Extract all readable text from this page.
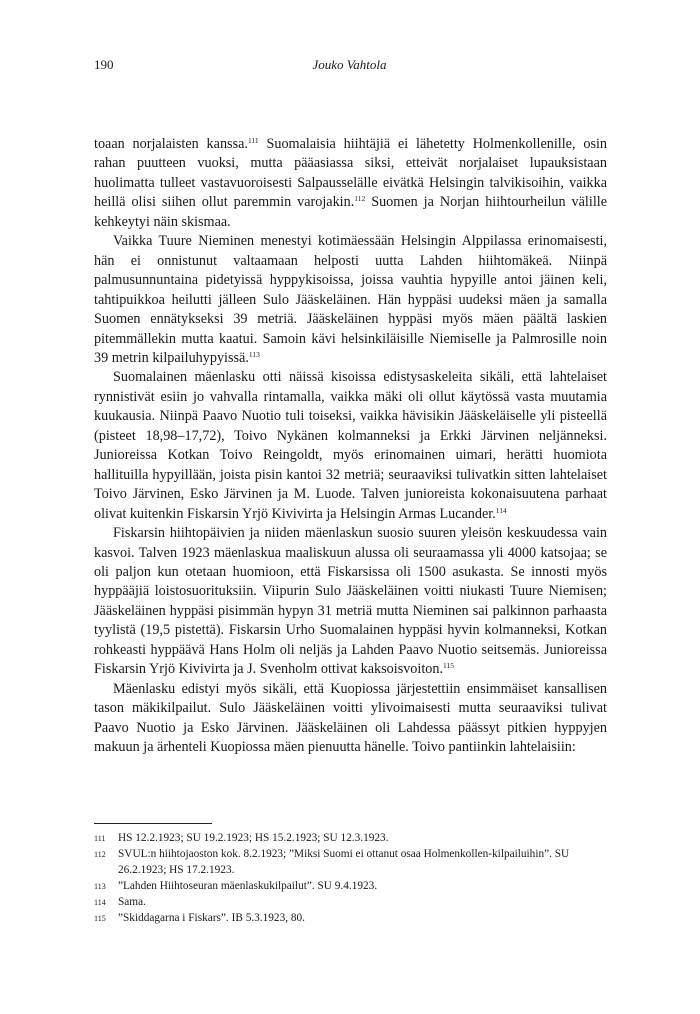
190	Jouko Vahtola

toaan norjalaisten kanssa.$^{111}$ Suomalaisia hiihtäjiä ei lähetetty Holmenkollenille, osin rahan puutteen vuoksi, mutta pääasiassa siksi, etteivät norjalaiset lupauksistaan huolimatta tulleet vastavuoroisesti Salpausselälle eivätkä Helsingin talvikisoihin, vaikka heillä olisi siihen ollut paremmin varojakin.$^{112}$ Suomen ja Norjan hiihtourheilun välille kehkeytyi näin skismaa.

Vaikka Tuure Nieminen menestyi kotimäessään Helsingin Alppilassa erinomaisesti, hän ei onnistunut valtaamaan helposti uutta Lahden hiihtomäkeä. Niinpä palmusunnuntaina pidetyissä hyppykisoissa, joissa vauhtia hypyille antoi jäinen keli, tahtipuikkoa heilutti jälleen Sulo Jääskeläinen. Hän hyppäsi uudeksi mäen ja samalla Suomen ennätykseksi 39 metriä. Jääskeläinen hyppäsi myös mäen päältä laskien pitemmällekin mutta kaatui. Samoin kävi helsinkiläisille Niemiselle ja Palmrosille noin 39 metrin kilpailuhypyissä.$^{113}$

Suomalainen mäenlasku otti näissä kisoissa edistysaskeleita sikäli, että lahtelaiset rynnistivät esiin jo vahvalla rintamalla, vaikka mäki oli ollut käytössä vasta muutamia kuukausia. Niinpä Paavo Nuotio tuli toiseksi, vaikka hävisikin Jääskeläiselle yli pisteellä (pisteet 18,98–17,72), Toivo Nykänen kolmanneksi ja Erkki Järvinen neljänneksi. Junioreissa Kotkan Toivo Reingoldt, myös erinomainen uimari, herätti huomiota hallituilla hypyillään, joista pisin kantoi 32 metriä; seuraaviksi tulivatkin sitten lahtelaiset Toivo Järvinen, Esko Järvinen ja M. Luode. Talven junioreista kokonaisuutena parhaat olivat kuitenkin Fiskarsin Yrjö Kivivirta ja Helsingin Armas Lucander.$^{114}$

Fiskarsin hiihtopäivien ja niiden mäenlaskun suosio suuren yleisön keskuudessa vain kasvoi. Talven 1923 mäenlaskua maaliskuun alussa oli seuraamassa yli 4000 katsojaa; se oli paljon kun otetaan huomioon, että Fiskarsissa oli 1500 asukasta. Se innosti myös hyppääjiä loistosuorituksiin. Viipurin Sulo Jääskeläinen voitti niukasti Tuure Niemisen; Jääskeläinen hyppäsi pisimmän hypyn 31 metriä mutta Nieminen sai palkinnon parhaasta tyylistä (19,5 pistettä). Fiskarsin Urho Suomalainen hyppäsi hyvin kolmanneksi, Kotkan rohkeasti hyppäävä Hans Holm oli neljäs ja Lahden Paavo Nuotio seitsemäs. Junioreissa Fiskarsin Yrjö Kivivirta ja J. Svenholm ottivat kaksoisvoiton.$^{115}$

Mäenlasku edistyi myös sikäli, että Kuopiossa järjestettiin ensimmäiset kansallisen tason mäkikilpailut. Sulo Jääskeläinen voitti ylivoimaisesti mutta seuraaviksi tulivat Paavo Nuotio ja Esko Järvinen. Jääskeläinen oli Lahdessa päässyt pitkien hyppyjen makuun ja ärhenteli Kuopiossa mäen pienuutta hänelle. Toivo pantiinkin lahtelaisiin:

111	HS 12.2.1923; SU 19.2.1923; HS 15.2.1923; SU 12.3.1923.
112	SVUL:n hiihtojaoston kok. 8.2.1923; ”Miksi Suomi ei ottanut osaa Holmenkollen-kilpailuihin”. SU 26.2.1923; HS 17.2.1923.
113	”Lahden Hiihtoseuran mäenlaskukilpailut”. SU 9.4.1923.
114	Sama.
115	”Skiddagarna i Fiskars”. IB 5.3.1923, 80.
